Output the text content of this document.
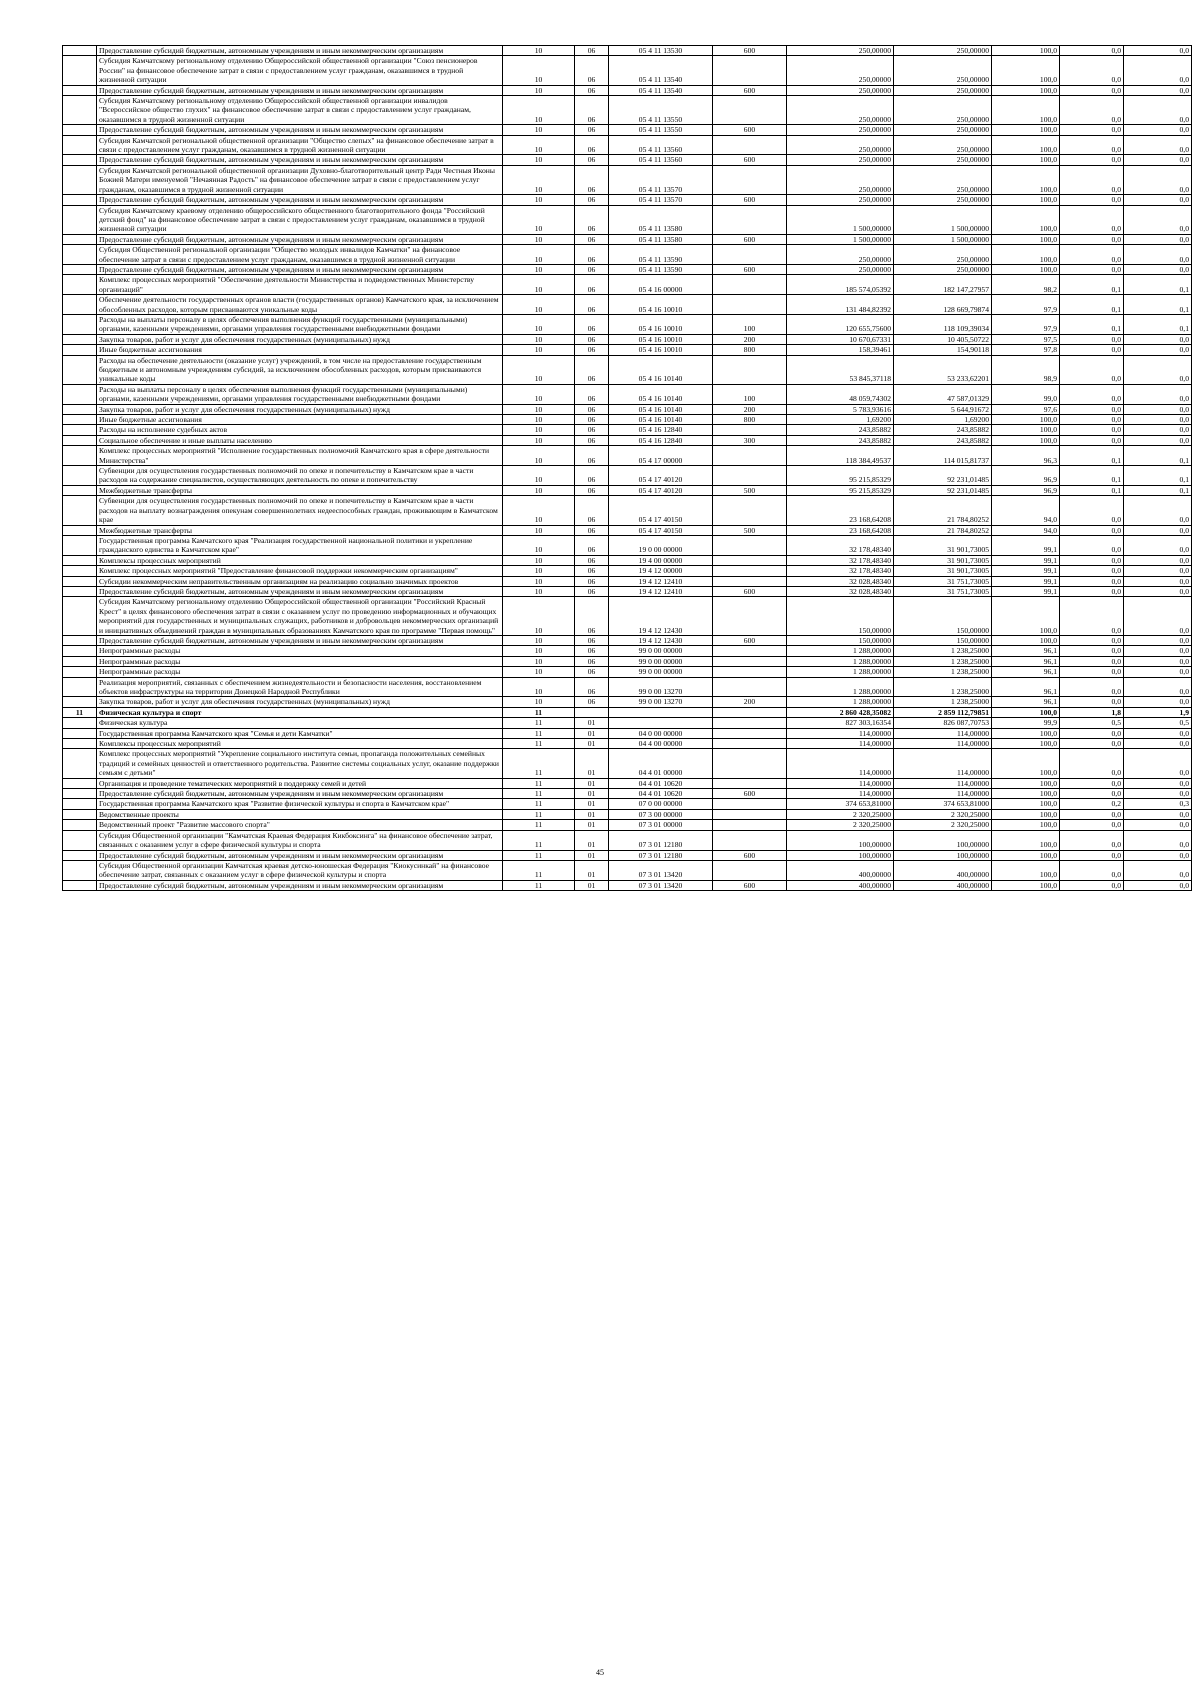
	Предоставление субсидий бюджетным, автономным учреждениям и иным некоммерческим организациям	10	06	05 4 11 13530	600	250,00000	250,00000	100,0	0,0	0,0
	Субсидия Камчатскому региональному отделению Общероссийской общественной организации "Союз пенсионеров России" на финансовое обеспечение затрат в связи с предоставлением услуг гражданам, оказавшимся в трудной жизненной ситуации	10	06	05 4 11 13540		250,00000	250,00000	100,0	0,0	0,0
	Предоставление субсидий бюджетным, автономным учреждениям и иным некоммерческим организациям	10	06	05 4 11 13540	600	250,00000	250,00000	100,0	0,0	0,0
	Субсидия Камчатскому региональному отделению Общероссийской общественной организации инвалидов "Всероссийское общество глухих" на финансовое обеспечение затрат в связи с предоставлением услуг гражданам, оказавшимся в трудной жизненной ситуации	10	06	05 4 11 13550		250,00000	250,00000	100,0	0,0	0,0
	Предоставление субсидий бюджетным, автономным учреждениям и иным некоммерческим организациям	10	06	05 4 11 13550	600	250,00000	250,00000	100,0	0,0	0,0
	Субсидия Камчатской региональной общественной организации "Общество слепых" на финансовое обеспечение затрат в связи с предоставлением услуг гражданам, оказавшимся в трудной жизненной ситуации	10	06	05 4 11 13560		250,00000	250,00000	100,0	0,0	0,0
	Предоставление субсидий бюджетным, автономным учреждениям и иным некоммерческим организациям	10	06	05 4 11 13560	600	250,00000	250,00000	100,0	0,0	0,0
	Субсидия Камчатской региональной общественной организации Духовно-благотворительный центр Ради Честныя Иконы Божией Матери именуемой "Нечаянная Радость" на финансовое обеспечение затрат в связи с предоставлением услуг гражданам, оказавшимся в трудной жизненной ситуации	10	06	05 4 11 13570		250,00000	250,00000	100,0	0,0	0,0
	Предоставление субсидий бюджетным, автономным учреждениям и иным некоммерческим организациям	10	06	05 4 11 13570	600	250,00000	250,00000	100,0	0,0	0,0
	Субсидия Камчатскому краевому отделению общероссийского общественного благотворительного фонда "Российский детский фонд" на финансовое обеспечение затрат в связи с предоставлением услуг гражданам, оказавшимся в трудной жизненной ситуации	10	06	05 4 11 13580		1 500,00000	1 500,00000	100,0	0,0	0,0
	Предоставление субсидий бюджетным, автономным учреждениям и иным некоммерческим организациям	10	06	05 4 11 13580	600	1 500,00000	1 500,00000	100,0	0,0	0,0
	Субсидия Общественной региональной организации "Общество молодых инвалидов Камчатки" на финансовое обеспечение затрат в связи с предоставлением услуг гражданам, оказавшимся в трудной жизненной ситуации	10	06	05 4 11 13590		250,00000	250,00000	100,0	0,0	0,0
	Предоставление субсидий бюджетным, автономным учреждениям и иным некоммерческим организациям	10	06	05 4 11 13590	600	250,00000	250,00000	100,0	0,0	0,0
	Комплекс процессных мероприятий "Обеспечение деятельности Министерства и подведомственных Министерству организаций"	10	06	05 4 16 00000		185 574,05392	182 147,27957	98,2	0,1	0,1
	Обеспечение деятельности государственных органов власти (государственных органов) Камчатского края, за исключением обособленных расходов, которым присваиваются уникальные коды	10	06	05 4 16 10010		131 484,82392	128 669,79874	97,9	0,1	0,1
	Расходы на выплаты персоналу в целях обеспечения выполнения функций государственными (муниципальными) органами, казенными учреждениями, органами управления государственными внебюджетными фондами	10	06	05 4 16 10010	100	120 655,75600	118 109,39034	97,9	0,1	0,1
	Закупка товаров, работ и услуг для обеспечения государственных (муниципальных) нужд	10	06	05 4 16 10010	200	10 670,67331	10 405,50722	97,5	0,0	0,0
	Иные бюджетные ассигнования	10	06	05 4 16 10010	800	158,39461	154,90118	97,8	0,0	0,0
	Расходы на обеспечение деятельности (оказание услуг) учреждений, в том числе на предоставление государственным бюджетным и автономным учреждениям субсидий, за исключением обособленных расходов, которым присваиваются уникальные коды	10	06	05 4 16 10140		53 845,37118	53 233,62201	98,9	0,0	0,0
	Расходы на выплаты персоналу в целях обеспечения выполнения функций государственными (муниципальными) органами, казенными учреждениями, органами управления государственными внебюджетными фондами	10	06	05 4 16 10140	100	48 059,74302	47 587,01329	99,0	0,0	0,0
	Закупка товаров, работ и услуг для обеспечения государственных (муниципальных) нужд	10	06	05 4 16 10140	200	5 783,93616	5 644,91672	97,6	0,0	0,0
	Иные бюджетные ассигнования	10	06	05 4 16 10140	800	1,69200	1,69200	100,0	0,0	0,0
	Расходы на исполнение судебных актов	10	06	05 4 16 12840		243,85882	243,85882	100,0	0,0	0,0
	Социальное обеспечение и иные выплаты населению	10	06	05 4 16 12840	300	243,85882	243,85882	100,0	0,0	0,0
	Комплекс процессных мероприятий "Исполнение государственных полномочий Камчатского края в сфере деятельности Министерства"	10	06	05 4 17 00000		118 384,49537	114 015,81737	96,3	0,1	0,1
	Субвенции для осуществления государственных полномочий по опеке и попечительству в Камчатском крае в части расходов на содержание специалистов, осуществляющих деятельность по опеке и попечительству	10	06	05 4 17 40120		95 215,85329	92 231,01485	96,9	0,1	0,1
	Межбюджетные трансферты	10	06	05 4 17 40120	500	95 215,85329	92 231,01485	96,9	0,1	0,1
	Субвенции для осуществления государственных полномочий по опеке и попечительству в Камчатском крае в части расходов на выплату вознаграждения опекунам совершеннолетних недееспособных граждан, проживающим в Камчатском крае	10	06	05 4 17 40150		23 168,64208	21 784,80252	94,0	0,0	0,0
	Межбюджетные трансферты	10	06	05 4 17 40150	500	23 168,64208	21 784,80252	94,0	0,0	0,0
	Государственная программа Камчатского края "Реализация государственной национальной политики и укрепление гражданского единства в Камчатском крае"	10	06	19 0 00 00000		32 178,48340	31 901,73005	99,1	0,0	0,0
	Комплексы процессных мероприятий	10	06	19 4 00 00000		32 178,48340	31 901,73005	99,1	0,0	0,0
	Комплекс процессных мероприятий "Предоставление финансовой поддержки некоммерческим организациям"	10	06	19 4 12 00000		32 178,48340	31 901,73005	99,1	0,0	0,0
	Субсидии некоммерческим неправительственным организациям на реализацию социально значимых проектов	10	06	19 4 12 12410		32 028,48340	31 751,73005	99,1	0,0	0,0
	Предоставление субсидий бюджетным, автономным учреждениям и иным некоммерческим организациям	10	06	19 4 12 12410	600	32 028,48340	31 751,73005	99,1	0,0	0,0
	Субсидия Камчатскому региональному отделению Общероссийской общественной организации "Российский Красный Крест" в целях финансового обеспечения затрат в связи с оказанием услуг по проведению информационных и обучающих мероприятий для государственных и муниципальных служащих, работников и добровольцев некоммерческих организаций и инициативных объединений граждан в муниципальных образованиях Камчатского края по программе "Первая помощь"	10	06	19 4 12 12430		150,00000	150,00000	100,0	0,0	0,0
	Предоставление субсидий бюджетным, автономным учреждениям и иным некоммерческим организациям	10	06	19 4 12 12430	600	150,00000	150,00000	100,0	0,0	0,0
	Непрограммные расходы	10	06	99 0 00 00000		1 288,00000	1 238,25000	96,1	0,0	0,0
	Непрограммные расходы	10	06	99 0 00 00000		1 288,00000	1 238,25000	96,1	0,0	0,0
	Непрограммные расходы	10	06	99 0 00 00000		1 288,00000	1 238,25000	96,1	0,0	0,0
	Реализация мероприятий, связанных с обеспечением жизнедеятельности и безопасности населения, восстановлением объектов инфраструктуры на территории Донецкой Народной Республики	10	06	99 0 00 13270		1 288,00000	1 238,25000	96,1	0,0	0,0
	Закупка товаров, работ и услуг для обеспечения государственных (муниципальных) нужд	10	06	99 0 00 13270	200	1 288,00000	1 238,25000	96,1	0,0	0,0
11	Физическая культура и спорт	11				2 860 428,35082	2 859 112,79851	100,0	1,8	1,9
	Физическая культура	11	01			827 303,16354	826 087,70753	99,9	0,5	0,5
	Государственная программа Камчатского края "Семья и дети Камчатки"	11	01	04 0 00 00000		114,00000	114,00000	100,0	0,0	0,0
	Комплексы процессных мероприятий	11	01	04 4 00 00000		114,00000	114,00000	100,0	0,0	0,0
	Комплекс процессных мероприятий "Укрепление социального института семьи, пропаганда положительных семейных традиций и семейных ценностей и ответственного родительства. Развитие системы социальных услуг, оказание поддержки семьям с детьми"	11	01	04 4 01 00000		114,00000	114,00000	100,0	0,0	0,0
	Организация и проведение тематических мероприятий в поддержку семей и детей	11	01	04 4 01 10620		114,00000	114,00000	100,0	0,0	0,0
	Предоставление субсидий бюджетным, автономным учреждениям и иным некоммерческим организациям	11	01	04 4 01 10620	600	114,00000	114,00000	100,0	0,0	0,0
	Государственная программа Камчатского края "Развитие физической культуры и спорта в Камчатском крае"	11	01	07 0 00 00000		374 653,81000	374 653,81000	100,0	0,2	0,3
	Ведомственные проекты	11	01	07 3 00 00000		2 320,25000	2 320,25000	100,0	0,0	0,0
	Ведомственный проект "Развитие массового спорта"	11	01	07 3 01 00000		2 320,25000	2 320,25000	100,0	0,0	0,0
	Субсидия Общественной организации "Камчатская Краевая Федерация Кикбоксинга" на финансовое обеспечение затрат, связанных с оказанием услуг в сфере физической культуры и спорта	11	01	07 3 01 12180		100,00000	100,00000	100,0	0,0	0,0
	Предоставление субсидий бюджетным, автономным учреждениям и иным некоммерческим организациям	11	01	07 3 01 12180	600	100,00000	100,00000	100,0	0,0	0,0
	Субсидия Общественной организации Камчатская краевая детско-юношеская Федерация "Киокусинкай" на финансовое обеспечение затрат, связанных с оказанием услуг в сфере физической культуры и спорта	11	01	07 3 01 13420		400,00000	400,00000	100,0	0,0	0,0
	Предоставление субсидий бюджетным, автономным учреждениям и иным некоммерческим организациям	11	01	07 3 01 13420	600	400,00000	400,00000	100,0	0,0	0,0
45
